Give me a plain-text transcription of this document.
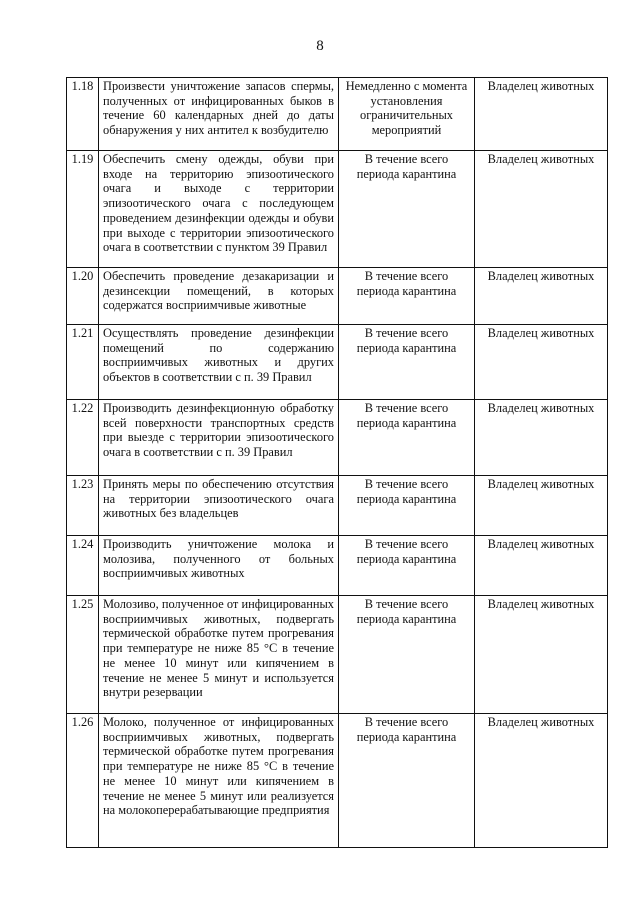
8
1.18	Произвести уничтожение запасов спермы, полученных от инфицированных быков в течение 60 календарных дней до даты обнаружения у них антител к возбудителю	Немедленно с момента установления ограничительных мероприятий	Владелец животных
1.19	Обеспечить смену одежды, обуви при входе на территорию эпизоотического очага и выходе с территории эпизоотического очага с последующем проведением дезинфекции одежды и обуви при выходе с территории эпизоотического очага в соответствии с пунктом 39 Правил	В течение всего периода карантина	Владелец животных
1.20	Обеспечить проведение дезакаризации и дезинсекции помещений, в которых содержатся восприимчивые животные	В течение всего периода карантина	Владелец животных
1.21	Осуществлять проведение дезинфекции помещений по содержанию восприимчивых животных и других объектов в соответствии с п. 39 Правил	В течение всего периода карантина	Владелец животных
1.22	Производить дезинфекционную обработку всей поверхности транспортных средств при выезде с территории эпизоотического очага в соответствии с п. 39 Правил	В течение всего периода карантина	Владелец животных
1.23	Принять меры по обеспечению отсутствия на территории эпизоотического очага животных без владельцев	В течение всего периода карантина	Владелец животных
1.24	Производить уничтожение молока и молозива, полученного от больных восприимчивых животных	В течение всего периода карантина	Владелец животных
1.25	Молозиво, полученное от инфицированных восприимчивых животных, подвергать термической обработке путем прогревания при температуре не ниже 85 °С в течение не менее 10 минут или кипячением в течение не менее 5 минут и используется внутри резервации	В течение всего периода карантина	Владелец животных
1.26	Молоко, полученное от инфицированных восприимчивых животных, подвергать термической обработке путем прогревания при температуре не ниже 85 °С в течение не менее 10 минут или кипячением в течение не менее 5 минут или реализуется на молокоперерабатывающие предприятия	В течение всего периода карантина	Владелец животных
